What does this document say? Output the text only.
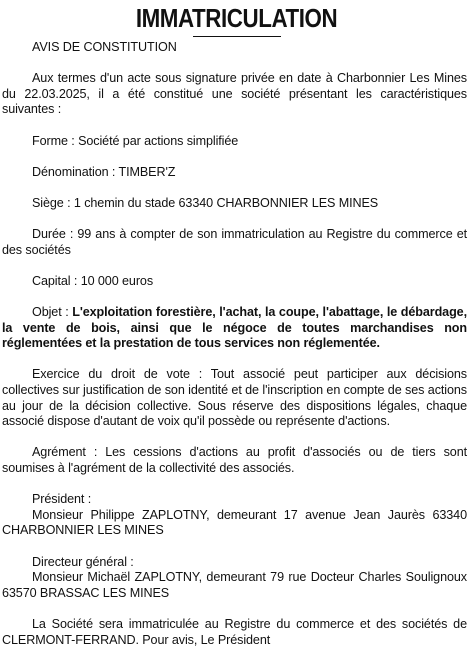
IMMATRICULATION

AVIS DE CONSTITUTION

Aux termes d'un acte sous signature privée en date à Charbonnier Les Mines du 22.03.2025, il a été constitué une société présentant les caractéristiques suivantes :

Forme : Société par actions simplifiée

Dénomination : TIMBER'Z

Siège : 1 chemin du stade 63340 CHARBONNIER LES MINES

Durée : 99 ans à compter de son immatriculation au Registre du commerce et des sociétés

Capital : 10 000 euros

Objet : L'exploitation forestière, l'achat, la coupe, l'abattage, le débardage, la vente de bois, ainsi que le négoce de toutes marchandises non réglementées et la prestation de tous services non réglementée.

Exercice du droit de vote : Tout associé peut participer aux décisions collectives sur justification de son identité et de l'inscription en compte de ses actions au jour de la décision collective. Sous réserve des dispositions légales, chaque associé dispose d'autant de voix qu'il possède ou représente d'actions.

Agrément : Les cessions d'actions au profit d'associés ou de tiers sont soumises à l'agrément de la collectivité des associés.

Président :

Monsieur Philippe ZAPLOTNY, demeurant 17 avenue Jean Jaurès 63340 CHARBONNIER LES MINES

Directeur général :

Monsieur Michaël ZAPLOTNY, demeurant 79 rue Docteur Charles Soulignoux 63570 BRASSAC LES MINES

La Société sera immatriculée au Registre du commerce et des sociétés de CLERMONT-FERRAND. Pour avis, Le Président
